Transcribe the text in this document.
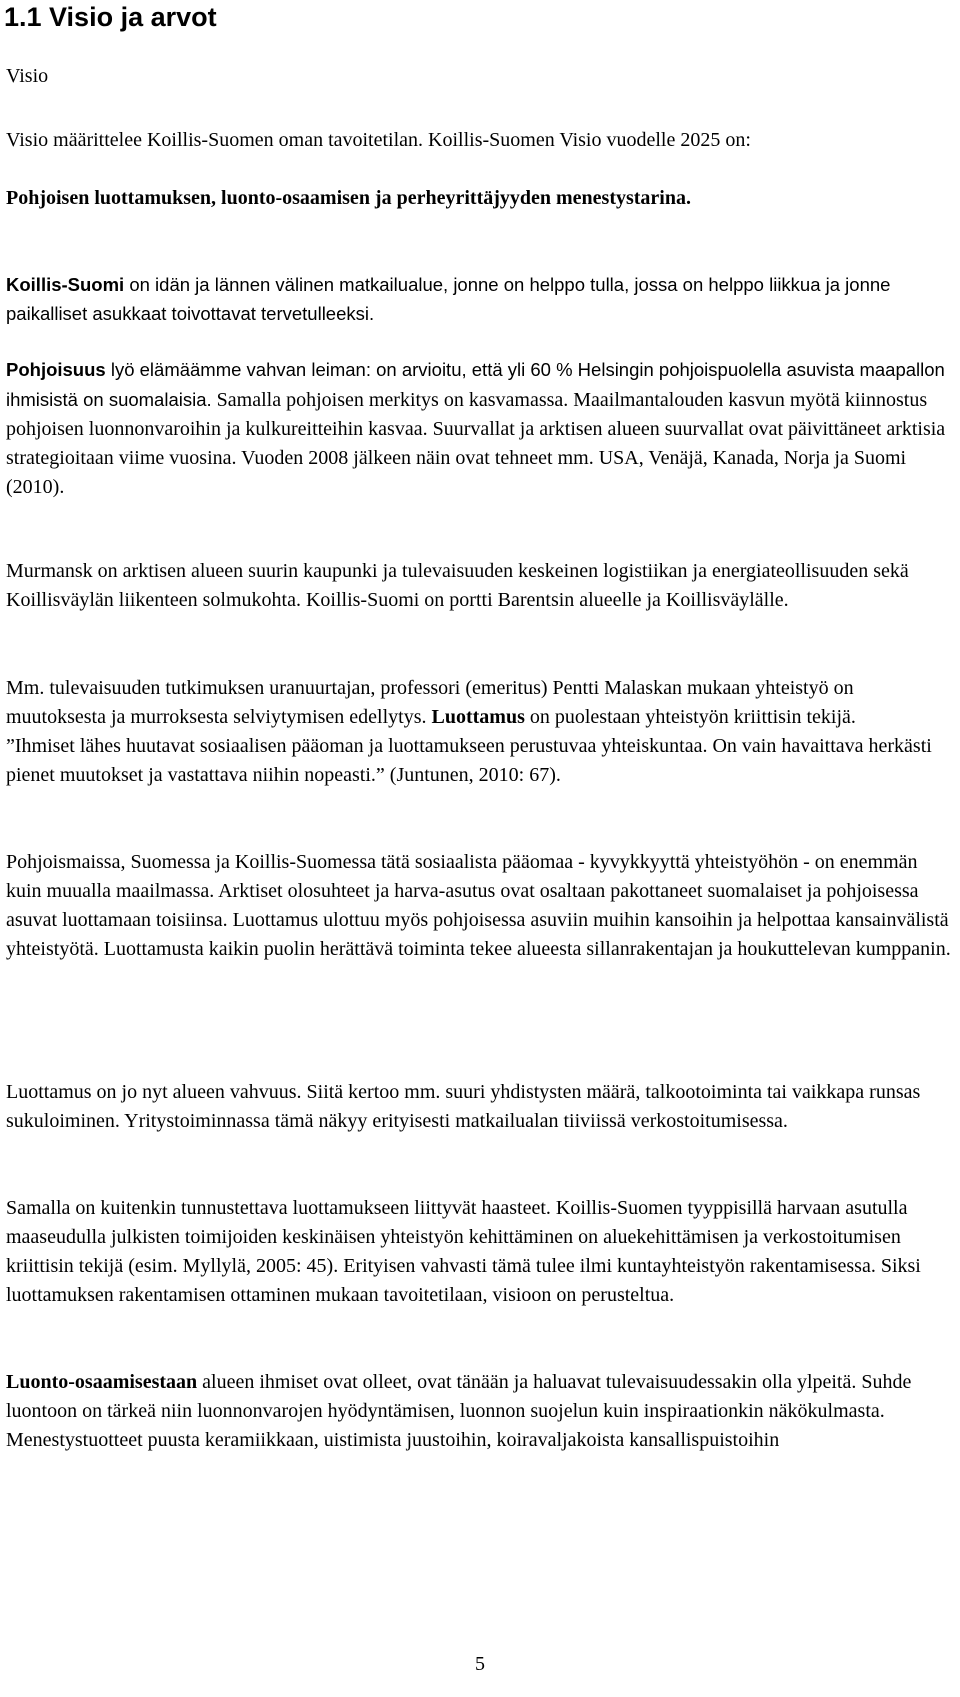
1.1 Visio ja arvot

Visio

Visio määrittelee Koillis-Suomen oman tavoitetilan. Koillis-Suomen Visio vuodelle 2025 on:

Pohjoisen luottamuksen, luonto-osaamisen ja perheyrittäjyyden menestystarina.

Koillis-Suomi on idän ja lännen välinen matkailualue, jonne on helppo tulla, jossa on helppo liikkua ja jonne paikalliset asukkaat toivottavat tervetulleeksi.

Pohjoisuus lyö elämäämme vahvan leiman: on arvioitu, että yli 60 % Helsingin pohjoispuolella asuvista maapallon ihmisistä on suomalaisia. Samalla pohjoisen merkitys on kasvamassa. Maailmantalouden kasvun myötä kiinnostus pohjoisen luonnonvaroihin ja kulkureitteihin kasvaa. Suurvallat ja arktisen alueen suurvallat ovat päivittäneet arktisia strategioitaan viime vuosina. Vuoden 2008 jälkeen näin ovat tehneet mm. USA, Venäjä, Kanada, Norja ja Suomi (2010).

Murmansk on arktisen alueen suurin kaupunki ja tulevaisuuden keskeinen logistiikan ja energiateollisuuden sekä Koillisväylän liikenteen solmukohta. Koillis-Suomi on portti Barentsin alueelle ja Koillisväylälle.

Mm. tulevaisuuden tutkimuksen uranuurtajan, professori (emeritus) Pentti Malaskan mukaan yhteistyö on muutoksesta ja murroksesta selviytymisen edellytys. Luottamus on puolestaan yhteistyön kriittisin tekijä.
”Ihmiset lähes huutavat sosiaalisen pääoman ja luottamukseen perustuvaa yhteiskuntaa. On vain havaittava herkästi pienet muutokset ja vastattava niihin nopeasti.” (Juntunen, 2010: 67).

Pohjoismaissa, Suomessa ja Koillis-Suomessa tätä sosiaalista pääomaa - kyvykkyyttä yhteistyöhön - on enemmän kuin muualla maailmassa. Arktiset olosuhteet ja harva-asutus ovat osaltaan pakottaneet suomalaiset ja pohjoisessa asuvat luottamaan toisiinsa. Luottamus ulottuu myös pohjoisessa asuviin muihin kansoihin ja helpottaa kansainvälistä yhteistyötä. Luottamusta kaikin puolin herättävä toiminta tekee alueesta sillanrakentajan ja houkuttelevan kumppanin.

Luottamus on jo nyt alueen vahvuus. Siitä kertoo mm. suuri yhdistysten määrä, talkootoiminta tai vaikkapa runsas sukuloiminen. Yritystoiminnassa tämä näkyy erityisesti matkailualan tiiviissä verkostoitumisessa.

Samalla on kuitenkin tunnustettava luottamukseen liittyvät haasteet. Koillis-Suomen tyyppisillä harvaan asutulla maaseudulla julkisten toimijoiden keskinäisen yhteistyön kehittäminen on aluekehittämisen ja verkostoitumisen kriittisin tekijä (esim. Myllylä, 2005: 45). Erityisen vahvasti tämä tulee ilmi kuntayhteistyön rakentamisessa. Siksi luottamuksen rakentamisen ottaminen mukaan tavoitetilaan, visioon on perusteltua.

Luonto-osaamisestaan alueen ihmiset ovat olleet, ovat tänään ja haluavat tulevaisuudessakin olla ylpeitä. Suhde luontoon on tärkeä niin luonnonvarojen hyödyntämisen, luonnon suojelun kuin inspiraationkin näkökulmasta. Menestystuotteet puusta keramiikkaan, uistimista juustoihin, koiravaljakoista kansallispuistoihin

5
